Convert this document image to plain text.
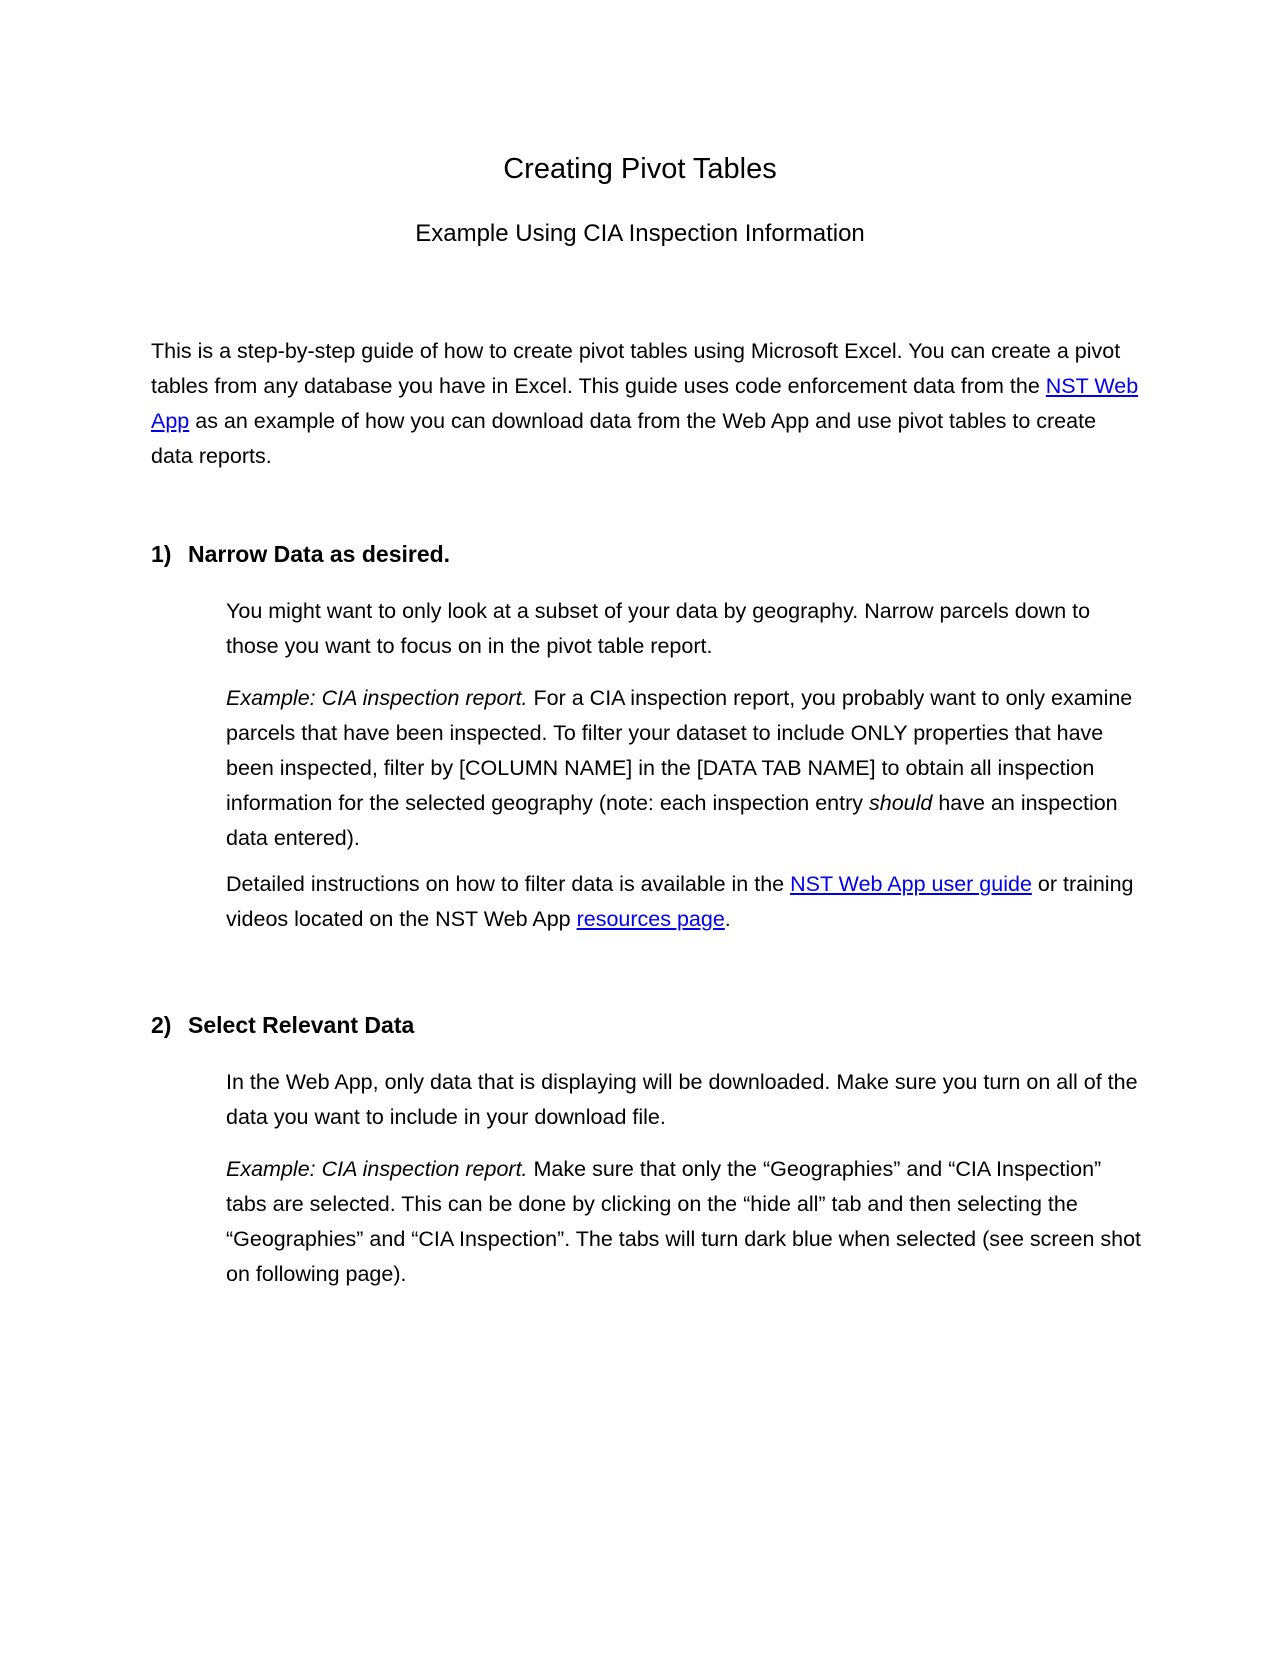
Creating Pivot Tables
Example Using CIA Inspection Information

This is a step-by-step guide of how to create pivot tables using Microsoft Excel. You can create a pivot tables from any database you have in Excel. This guide uses code enforcement data from the NST Web App as an example of how you can download data from the Web App and use pivot tables to create data reports.

1) Narrow Data as desired.

You might want to only look at a subset of your data by geography. Narrow parcels down to those you want to focus on in the pivot table report.

Example: CIA inspection report. For a CIA inspection report, you probably want to only examine parcels that have been inspected. To filter your dataset to include ONLY properties that have been inspected, filter by [COLUMN NAME] in the [DATA TAB NAME] to obtain all inspection information for the selected geography (note: each inspection entry should have an inspection data entered).

Detailed instructions on how to filter data is available in the NST Web App user guide or training videos located on the NST Web App resources page.

2) Select Relevant Data

In the Web App, only data that is displaying will be downloaded. Make sure you turn on all of the data you want to include in your download file.

Example: CIA inspection report. Make sure that only the “Geographies” and “CIA Inspection” tabs are selected. This can be done by clicking on the “hide all” tab and then selecting the “Geographies” and “CIA Inspection”. The tabs will turn dark blue when selected (see screen shot on following page).
